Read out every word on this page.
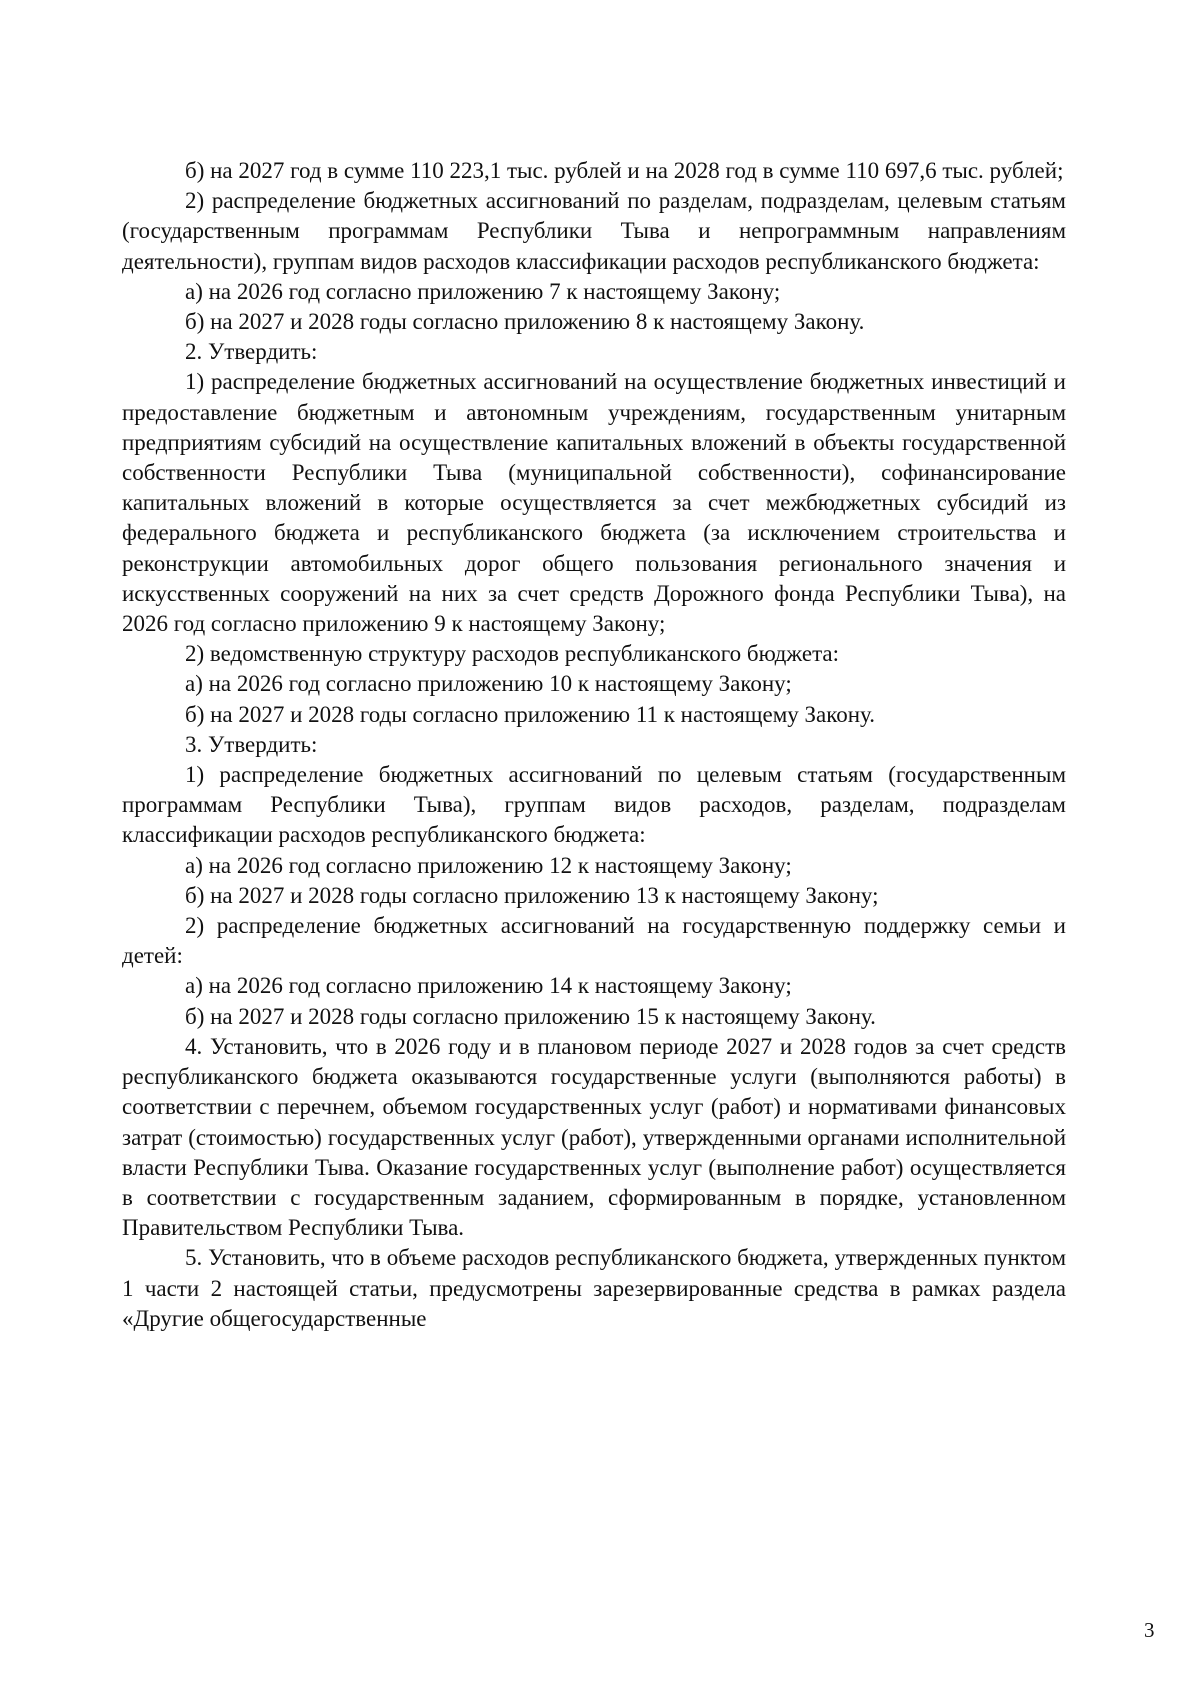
б) на 2027 год в сумме 110 223,1 тыс. рублей и на 2028 год в сумме 110 697,6 тыс. рублей;

2) распределение бюджетных ассигнований по разделам, подразделам, целевым статьям (государственным программам Республики Тыва и непрограммным направлениям деятельности), группам видов расходов классификации расходов республиканского бюджета:

а) на 2026 год согласно приложению 7 к настоящему Закону;

б) на 2027 и 2028 годы согласно приложению 8 к настоящему Закону.

2. Утвердить:

1) распределение бюджетных ассигнований на осуществление бюджетных инвестиций и предоставление бюджетным и автономным учреждениям, государственным унитарным предприятиям субсидий на осуществление капитальных вложений в объекты государственной собственности Республики Тыва (муниципальной собственности), софинансирование капитальных вложений в которые осуществляется за счет межбюджетных субсидий из федерального бюджета и республиканского бюджета (за исключением строительства и реконструкции автомобильных дорог общего пользования регионального значения и искусственных сооружений на них за счет средств Дорожного фонда Республики Тыва), на 2026 год согласно приложению 9 к настоящему Закону;

2) ведомственную структуру расходов республиканского бюджета:

а) на 2026 год согласно приложению 10 к настоящему Закону;

б) на 2027 и 2028 годы согласно приложению 11 к настоящему Закону.

3. Утвердить:

1) распределение бюджетных ассигнований по целевым статьям (государственным программам Республики Тыва), группам видов расходов, разделам, подразделам классификации расходов республиканского бюджета:

а) на 2026 год согласно приложению 12 к настоящему Закону;

б) на 2027 и 2028 годы согласно приложению 13 к настоящему Закону;

2) распределение бюджетных ассигнований на государственную поддержку семьи и детей:

а) на 2026 год согласно приложению 14 к настоящему Закону;

б) на 2027 и 2028 годы согласно приложению 15 к настоящему Закону.

4. Установить, что в 2026 году и в плановом периоде 2027 и 2028 годов за счет средств республиканского бюджета оказываются государственные услуги (выполняются работы) в соответствии с перечнем, объемом государственных услуг (работ) и нормативами финансовых затрат (стоимостью) государственных услуг (работ), утвержденными органами исполнительной власти Республики Тыва. Оказание государственных услуг (выполнение работ) осуществляется в соответствии с государственным заданием, сформированным в порядке, установленном Правительством Республики Тыва.

5. Установить, что в объеме расходов республиканского бюджета, утвержденных пунктом 1 части 2 настоящей статьи, предусмотрены зарезервированные средства в рамках раздела «Другие общегосударственные

3
